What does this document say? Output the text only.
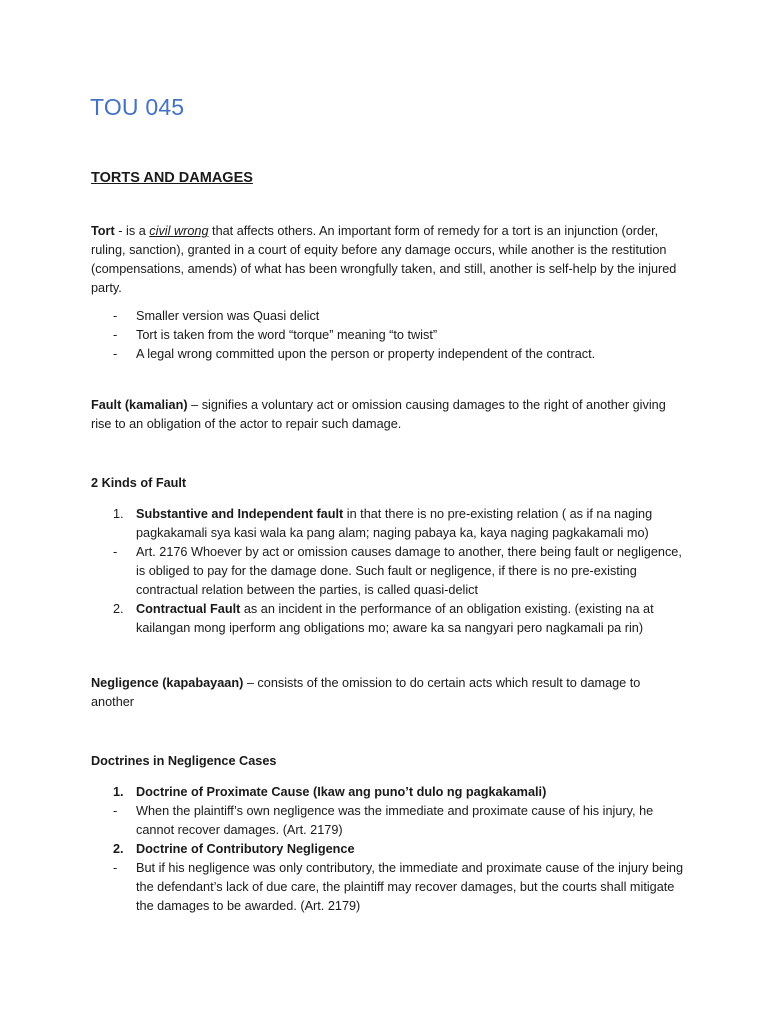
TOU 045
TORTS AND DAMAGES

Tort - is a civil wrong that affects others. An important form of remedy for a tort is an injunction (order, ruling, sanction), granted in a court of equity before any damage occurs, while another is the restitution (compensations, amends) of what has been wrongfully taken, and still, another is self-help by the injured party.

- Smaller version was Quasi delict
- Tort is taken from the word “torque” meaning “to twist”
- A legal wrong committed upon the person or property independent of the contract.

Fault (kamalian) – signifies a voluntary act or omission causing damages to the right of another giving rise to an obligation of the actor to repair such damage.

2 Kinds of Fault

1. Substantive and Independent fault in that there is no pre-existing relation ( as if na naging pagkakamali sya kasi wala ka pang alam; naging pabaya ka, kaya naging pagkakamali mo)
- Art. 2176 Whoever by act or omission causes damage to another, there being fault or negligence, is obliged to pay for the damage done. Such fault or negligence, if there is no pre-existing contractual relation between the parties, is called quasi-delict
2. Contractual Fault as an incident in the performance of an obligation existing. (existing na at kailangan mong iperform ang obligations mo; aware ka sa nangyari pero nagkamali pa rin)

Negligence (kapabayaan) – consists of the omission to do certain acts which result to damage to another

Doctrines in Negligence Cases

1. Doctrine of Proximate Cause (Ikaw ang puno’t dulo ng pagkakamali)
- When the plaintiff’s own negligence was the immediate and proximate cause of his injury, he cannot recover damages. (Art. 2179)
2. Doctrine of Contributory Negligence
- But if his negligence was only contributory, the immediate and proximate cause of the injury being the defendant’s lack of due care, the plaintiff may recover damages, but the courts shall mitigate the damages to be awarded. (Art. 2179)
